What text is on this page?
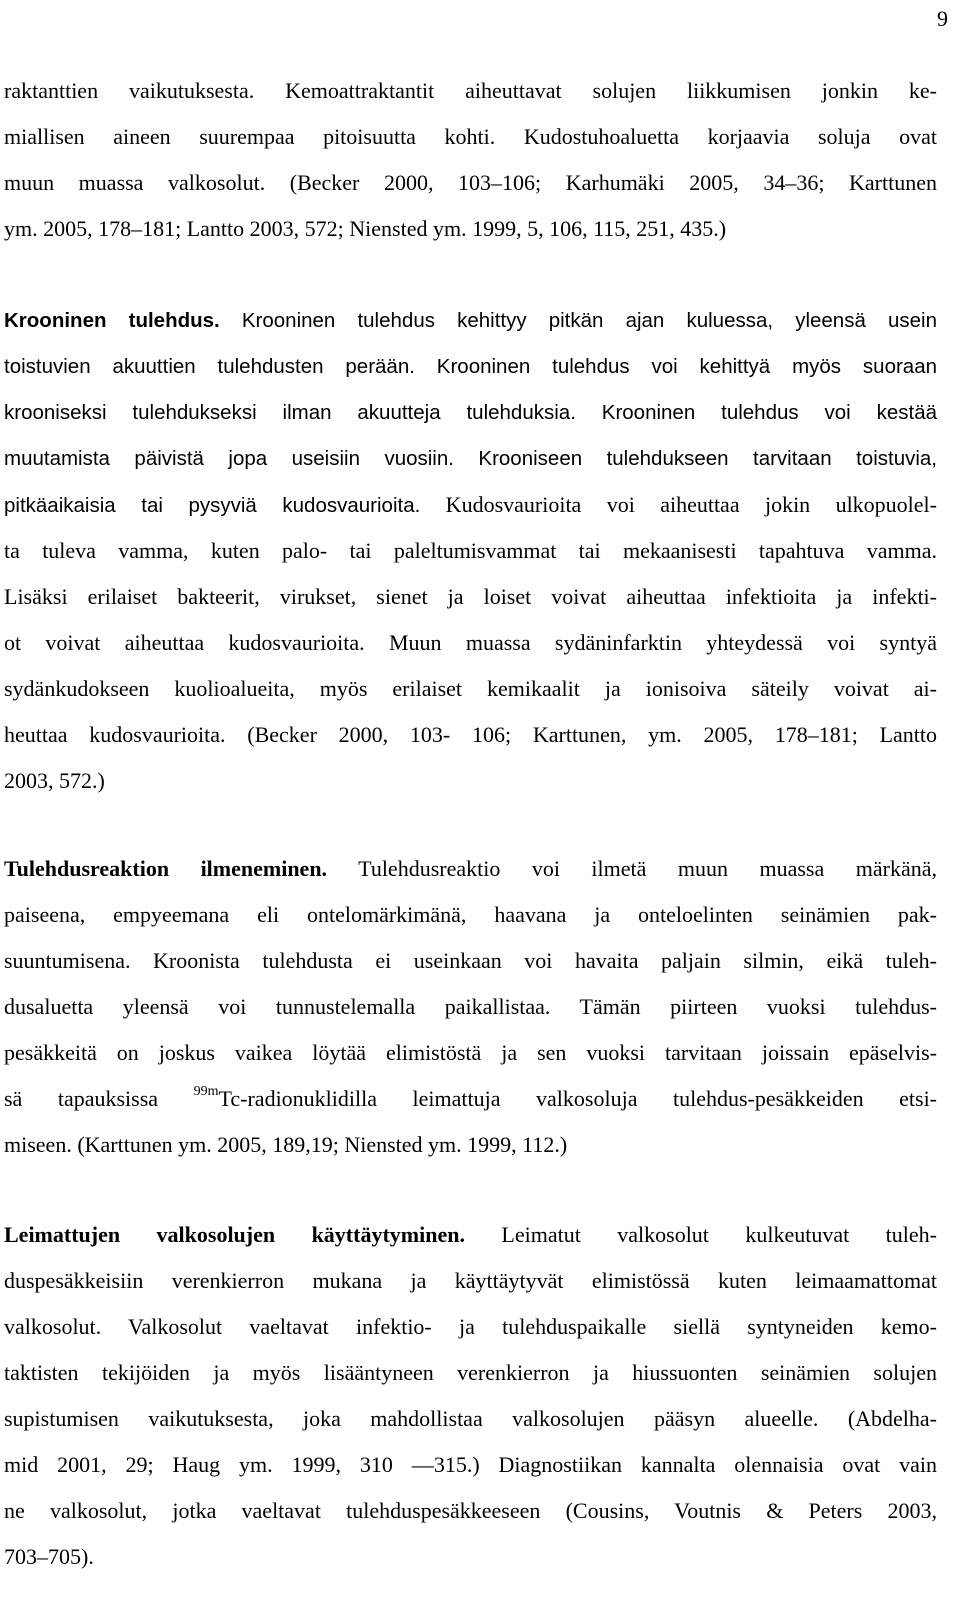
9
raktanttien vaikutuksesta. Kemoattraktantit aiheuttavat solujen liikkumisen jonkin ke-
miallisen aineen suurempaa pitoisuutta kohti. Kudostuhoaluetta korjaavia soluja ovat
muun muassa valkosolut. (Becker 2000, 103–106; Karhumäki 2005, 34–36; Karttunen
ym. 2005, 178–181; Lantto 2003, 572; Niensted ym. 1999, 5, 106, 115, 251, 435.)
Krooninen tulehdus. Krooninen tulehdus kehittyy pitkän ajan kuluessa, yleensä usein
toistuvien akuuttien tulehdusten perään. Krooninen tulehdus voi kehittyä myös suoraan
krooniseksi tulehdukseksi ilman akuutteja tulehduksia. Krooninen tulehdus voi kestää
muutamista päivistä jopa useisiin vuosiin. Krooniseen tulehdukseen tarvitaan toistuvia,
pitkäaikaisia tai pysyviä kudosvaurioita. Kudosvaurioita voi aiheuttaa jokin ulkopuolel-
ta tuleva vamma, kuten palo- tai paleltumisvammat tai mekaanisesti tapahtuva vamma.
Lisäksi erilaiset bakteerit, virukset, sienet ja loiset voivat aiheuttaa infektioita ja infekti-
ot voivat aiheuttaa kudosvaurioita. Muun muassa sydäninfarktin yhteydessä voi syntyä
sydänkudokseen kuolioalueita, myös erilaiset kemikaalit ja ionisoiva säteily voivat ai-
heuttaa kudosvaurioita. (Becker 2000, 103- 106; Karttunen, ym. 2005, 178–181; Lantto
2003, 572.)
Tulehdusreaktion ilmeneminen. Tulehdusreaktio voi ilmetä muun muassa märkänä,
paiseena, empyeemana eli ontelomärkimänä, haavana ja onteloelinten seinämien pak-
suuntumisena. Kroonista tulehdusta ei useinkaan voi havaita paljain silmin, eikä tuleh-
dusaluetta yleensä voi tunnustelemalla paikallistaa. Tämän piirteen vuoksi tulehdus-
pesäkkeitä on joskus vaikea löytää elimistöstä ja sen vuoksi tarvitaan joissain epäselvis-
sä tapauksissa $^{99m}$Tc-radionuklidilla leimattuja valkosoluja tulehdus-pesäkkeiden etsi-
miseen. (Karttunen ym. 2005, 189,19; Niensted ym. 1999, 112.)
Leimattujen valkosolujen käyttäytyminen. Leimatut valkosolut kulkeutuvat tuleh-
duspesäkkeisiin verenkierron mukana ja käyttäytyvät elimistössä kuten leimaamattomat
valkosolut. Valkosolut vaeltavat infektio- ja tulehduspaikalle siellä syntyneiden kemo-
taktisten tekijöiden ja myös lisääntyneen verenkierron ja hiussuonten seinämien solujen
supistumisen vaikutuksesta, joka mahdollistaa valkosolujen pääsyn alueelle. (Abdelha-
mid 2001, 29; Haug ym. 1999, 310 —315.) Diagnostiikan kannalta olennaisia ovat vain
ne valkosolut, jotka vaeltavat tulehduspesäkkeeseen (Cousins, Voutnis & Peters 2003,
703–705).
